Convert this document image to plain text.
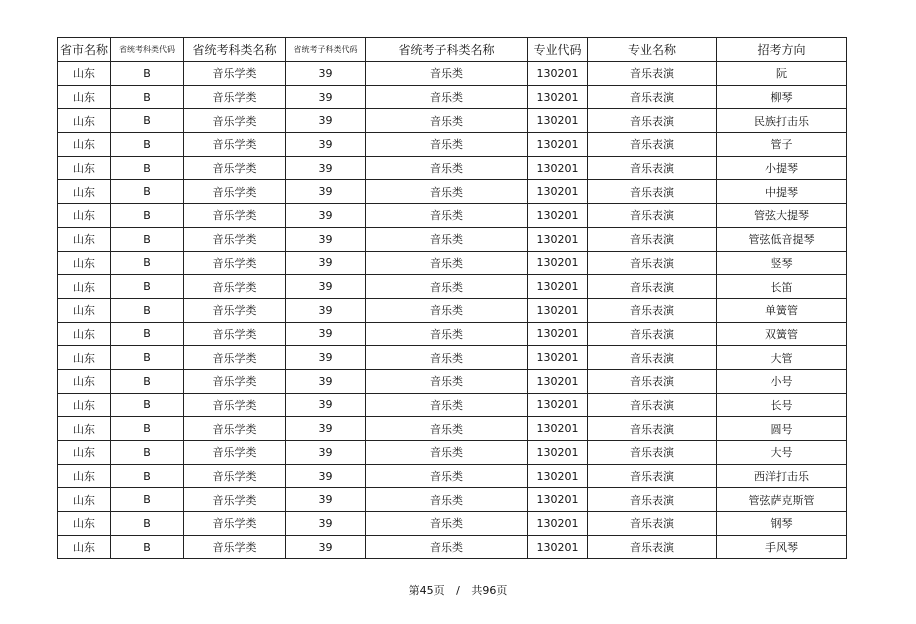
省市名称	省统考科类代码	省统考科类名称	省统考子科类代码	省统考子科类名称	专业代码	专业名称	招考方向
山东	B	音乐学类	39	音乐类	130201	音乐表演	阮
山东	B	音乐学类	39	音乐类	130201	音乐表演	柳琴
山东	B	音乐学类	39	音乐类	130201	音乐表演	民族打击乐
山东	B	音乐学类	39	音乐类	130201	音乐表演	管子
山东	B	音乐学类	39	音乐类	130201	音乐表演	小提琴
山东	B	音乐学类	39	音乐类	130201	音乐表演	中提琴
山东	B	音乐学类	39	音乐类	130201	音乐表演	管弦大提琴
山东	B	音乐学类	39	音乐类	130201	音乐表演	管弦低音提琴
山东	B	音乐学类	39	音乐类	130201	音乐表演	竖琴
山东	B	音乐学类	39	音乐类	130201	音乐表演	长笛
山东	B	音乐学类	39	音乐类	130201	音乐表演	单簧管
山东	B	音乐学类	39	音乐类	130201	音乐表演	双簧管
山东	B	音乐学类	39	音乐类	130201	音乐表演	大管
山东	B	音乐学类	39	音乐类	130201	音乐表演	小号
山东	B	音乐学类	39	音乐类	130201	音乐表演	长号
山东	B	音乐学类	39	音乐类	130201	音乐表演	圆号
山东	B	音乐学类	39	音乐类	130201	音乐表演	大号
山东	B	音乐学类	39	音乐类	130201	音乐表演	西洋打击乐
山东	B	音乐学类	39	音乐类	130201	音乐表演	管弦萨克斯管
山东	B	音乐学类	39	音乐类	130201	音乐表演	钢琴
山东	B	音乐学类	39	音乐类	130201	音乐表演	手风琴
第45页 / 共96页
